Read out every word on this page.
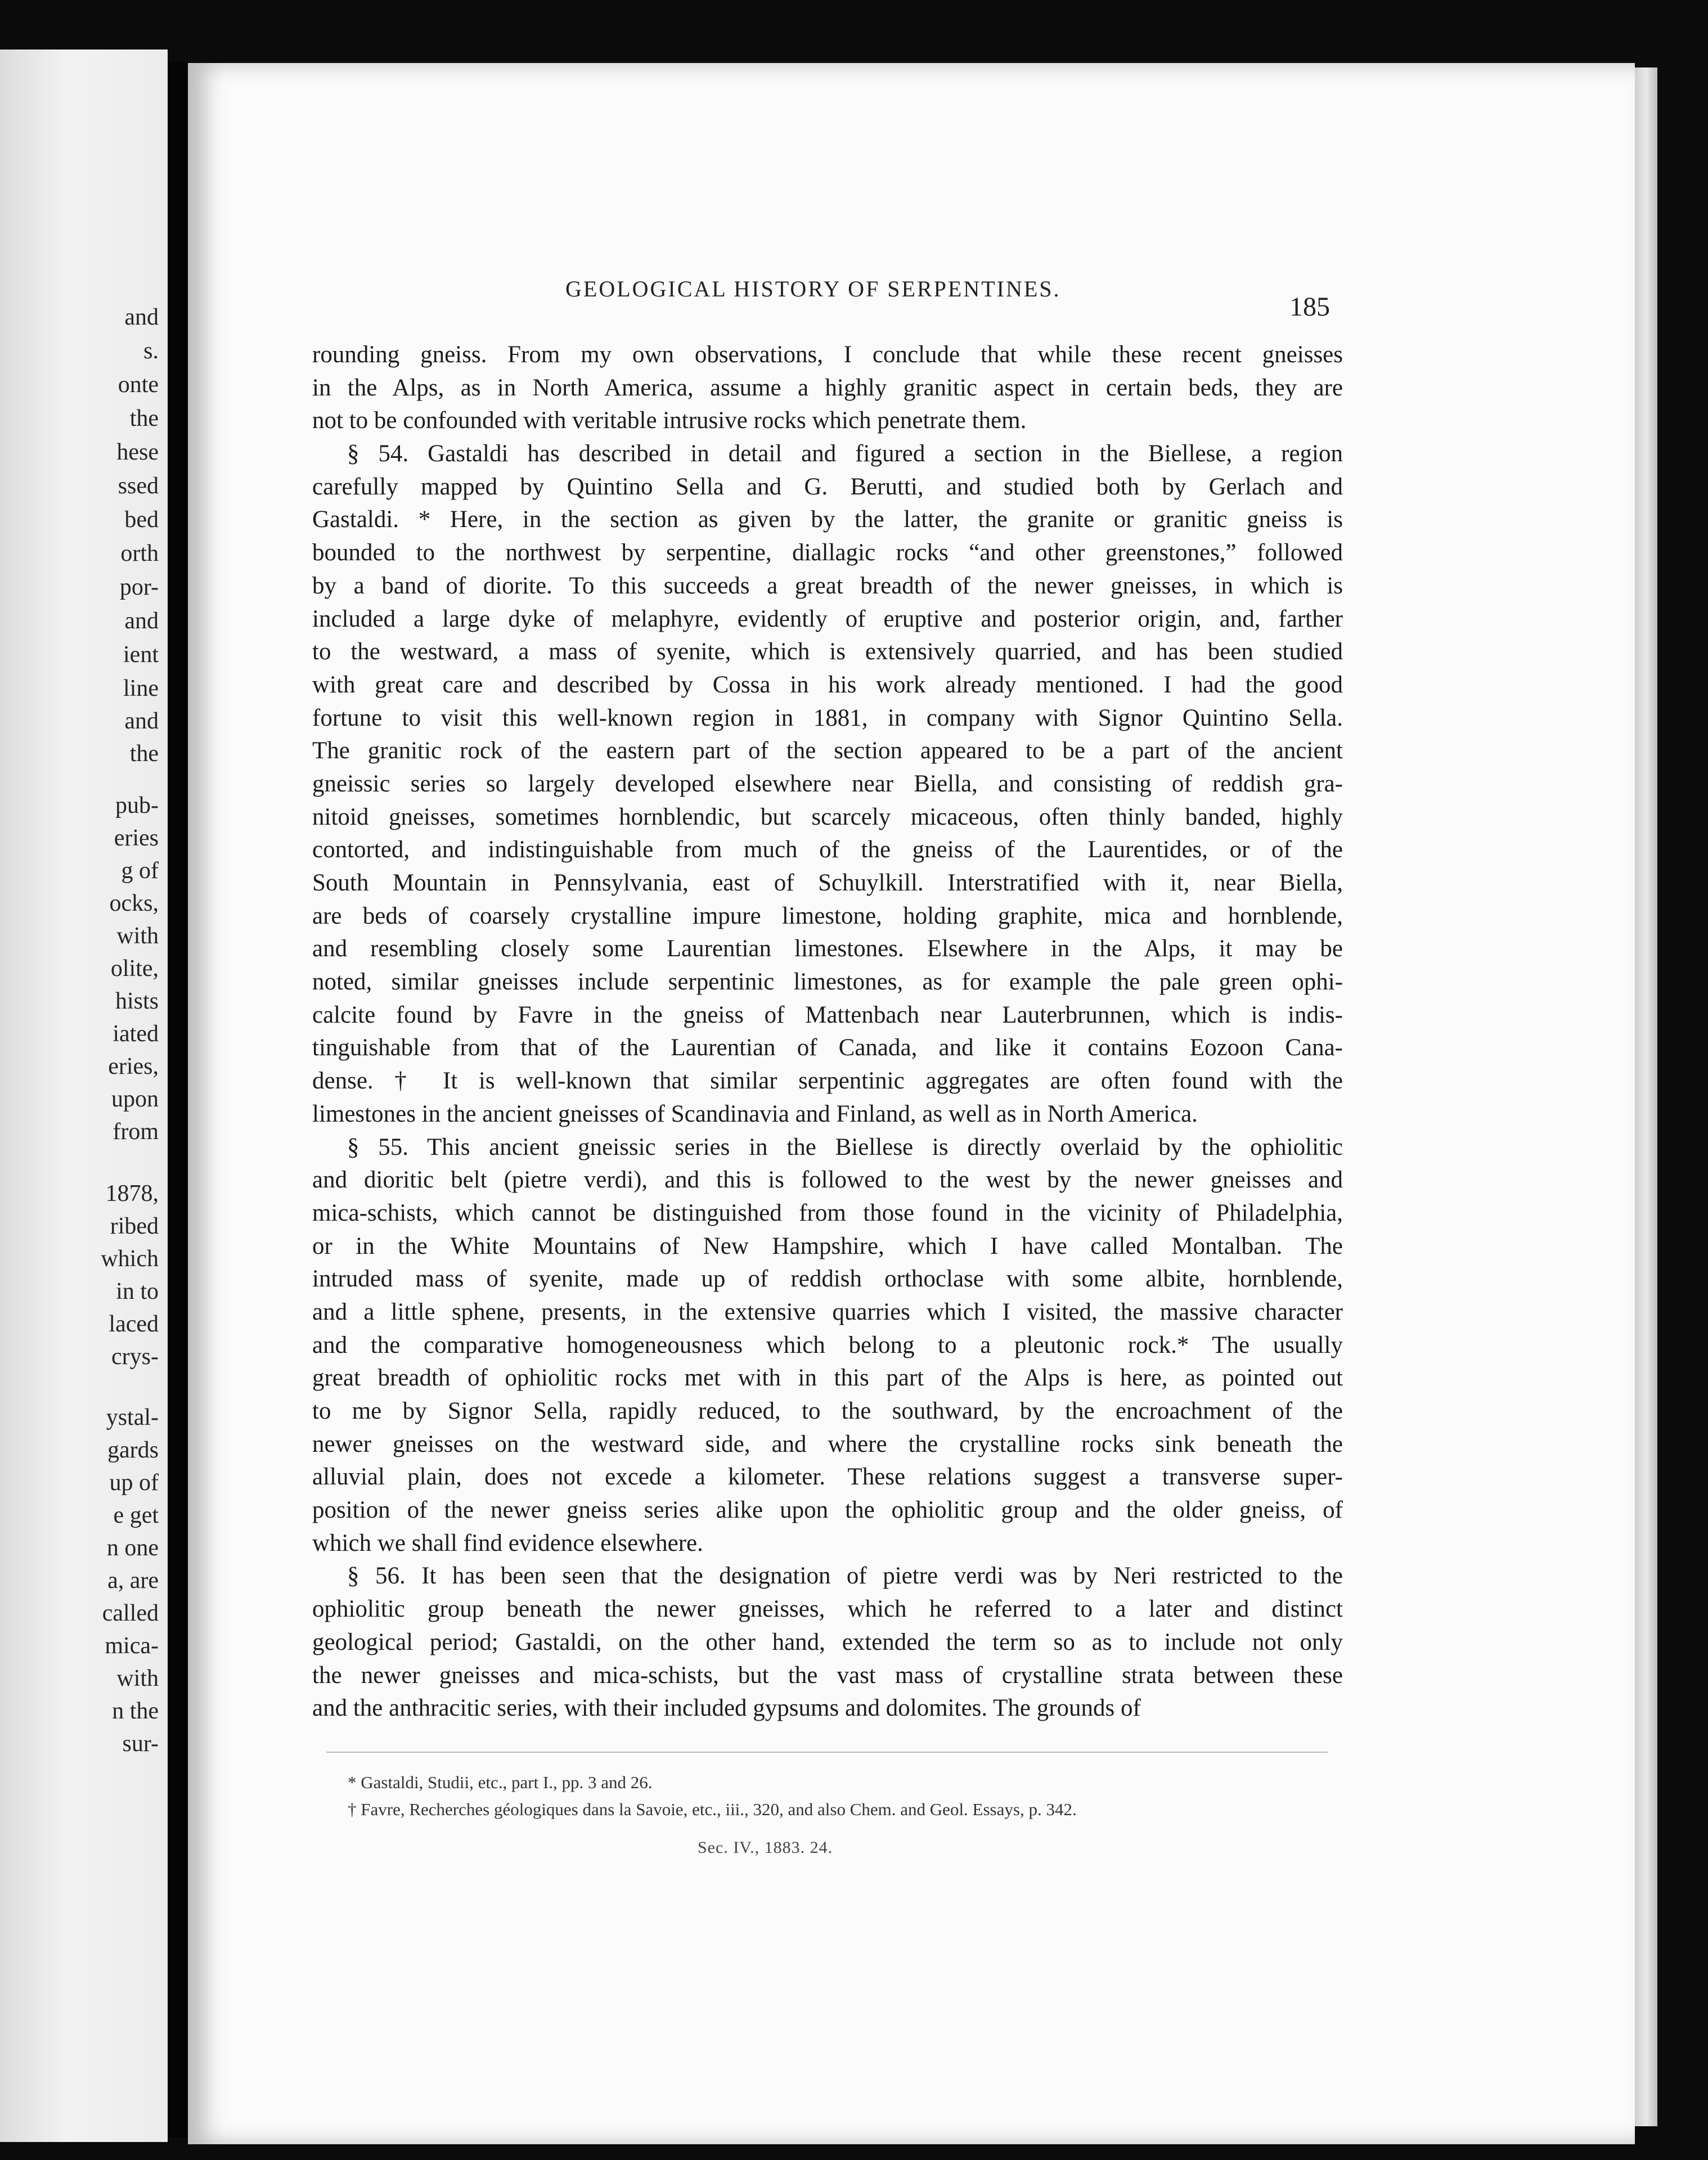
and
s.
onte
the
hese
ssed
bed
orth
por-
and
ient
line
and
the
pub-
eries
g of
ocks,
with
olite,
hists
iated
eries,
upon
from
1878,
ribed
which
in to
laced
crys-
ystal-
gards
up of
e get
n one
a, are
called
mica-
with
n the
sur-
GEOLOGICAL HISTORY OF SERPENTINES.
185
rounding gneiss. From my own observations, I conclude that while these recent gneisses
in the Alps, as in North America, assume a highly granitic aspect in certain beds, they are
not to be confounded with veritable intrusive rocks which penetrate them.
§ 54. Gastaldi has described in detail and figured a section in the Biellese, a region
carefully mapped by Quintino Sella and G. Berutti, and studied both by Gerlach and
Gastaldi. * Here, in the section as given by the latter, the granite or granitic gneiss is
bounded to the northwest by serpentine, diallagic rocks “and other greenstones,” followed
by a band of diorite. To this succeeds a great breadth of the newer gneisses, in which is
included a large dyke of melaphyre, evidently of eruptive and posterior origin, and, farther
to the westward, a mass of syenite, which is extensively quarried, and has been studied
with great care and described by Cossa in his work already mentioned. I had the good
fortune to visit this well-known region in 1881, in company with Signor Quintino Sella.
The granitic rock of the eastern part of the section appeared to be a part of the ancient
gneissic series so largely developed elsewhere near Biella, and consisting of reddish gra-
nitoid gneisses, sometimes hornblendic, but scarcely micaceous, often thinly banded, highly
contorted, and indistinguishable from much of the gneiss of the Laurentides, or of the
South Mountain in Pennsylvania, east of Schuylkill. Interstratified with it, near Biella,
are beds of coarsely crystalline impure limestone, holding graphite, mica and hornblende,
and resembling closely some Laurentian limestones. Elsewhere in the Alps, it may be
noted, similar gneisses include serpentinic limestones, as for example the pale green ophi-
calcite found by Favre in the gneiss of Mattenbach near Lauterbrunnen, which is indis-
tinguishable from that of the Laurentian of Canada, and like it contains Eozoon Cana-
dense. † It is well-known that similar serpentinic aggregates are often found with the
limestones in the ancient gneisses of Scandinavia and Finland, as well as in North America.
§ 55. This ancient gneissic series in the Biellese is directly overlaid by the ophiolitic
and dioritic belt (pietre verdi), and this is followed to the west by the newer gneisses and
mica-schists, which cannot be distinguished from those found in the vicinity of Philadelphia,
or in the White Mountains of New Hampshire, which I have called Montalban. The
intruded mass of syenite, made up of reddish orthoclase with some albite, hornblende,
and a little sphene, presents, in the extensive quarries which I visited, the massive character
and the comparative homogeneousness which belong to a pleutonic rock.* The usually
great breadth of ophiolitic rocks met with in this part of the Alps is here, as pointed out
to me by Signor Sella, rapidly reduced, to the southward, by the encroachment of the
newer gneisses on the westward side, and where the crystalline rocks sink beneath the
alluvial plain, does not excede a kilometer. These relations suggest a transverse super-
position of the newer gneiss series alike upon the ophiolitic group and the older gneiss, of
which we shall find evidence elsewhere.
§ 56. It has been seen that the designation of pietre verdi was by Neri restricted to the
ophiolitic group beneath the newer gneisses, which he referred to a later and distinct
geological period; Gastaldi, on the other hand, extended the term so as to include not only
the newer gneisses and mica-schists, but the vast mass of crystalline strata between these
and the anthracitic series, with their included gypsums and dolomites. The grounds of
* Gastaldi, Studii, etc., part I., pp. 3 and 26.
† Favre, Recherches géologiques dans la Savoie, etc., iii., 320, and also Chem. and Geol. Essays, p. 342.
Sec. IV., 1883. 24.
